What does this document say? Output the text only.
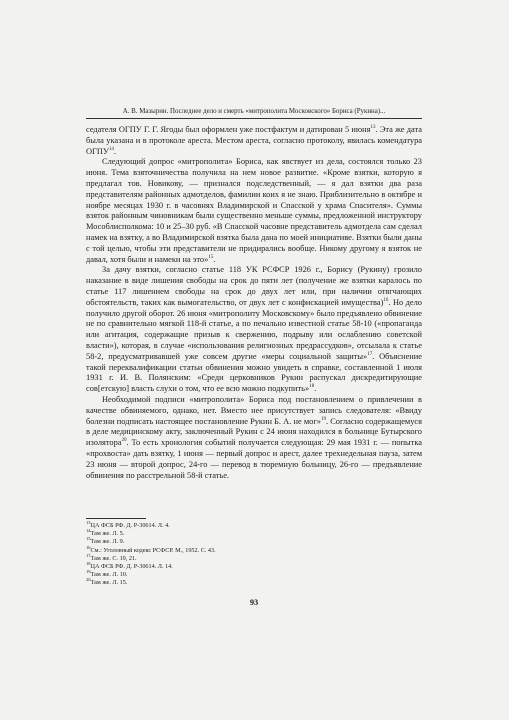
А. В. Мазырин. Последнее дело и смерть «митрополита Московского» Бориса (Рукина)...

седателя ОГПУ Г. Г. Ягоды был оформлен уже постфактум и датирован 5 июня$^{13}$. Эта же дата была указана и в протоколе ареста. Местом ареста, согласно протоколу, явилась комендатура ОГПУ$^{14}$.

Следующий допрос «митрополита» Бориса, как явствует из дела, состоялся только 23 июня. Тема взяточничества получила на нем новое развитие. «Кроме взятки, которую я предлагал тов. Новикову, — признался подследственный, — я дал взятки два раза представителям районных адмотделов, фамилии коих я не знаю. Приблизительно в октябре и ноябре месяцах 1930 г. в часовнях Владимирской и Спасской у храма Спасителя». Суммы взяток районным чиновникам были существенно меньше суммы, предложенной инструктору Мособлисполкома: 10 и 25–30 руб. «В Спасской часовне представитель адмотдела сам сделал намек на взятку, а во Владимирской взятка была дана по моей инициативе. Взятки были даны с той целью, чтобы эти представители не придирались вообще. Никому другому я взяток не давал, хотя были и намеки на это»$^{15}$.

За дачу взятки, согласно статье 118 УК РСФСР 1926 г., Борису (Рукину) грозило наказание в виде лишения свободы на срок до пяти лет (получение же взятки каралось по статье 117 лишением свободы на срок до двух лет или, при наличии отягчающих обстоятельств, таких как вымогательство, от двух лет с конфискацией имущества)$^{16}$. Но дело получило другой оборот. 26 июня «митрополиту Московскому» было предъявлено обвинение не по сравнительно мягкой 118-й статье, а по печально известной статье 58-10 («пропаганда или агитация, содержащие призыв к свержению, подрыву или ослаблению советской власти»), которая, в случае «использования религиозных предрассудков», отсылала к статье 58-2, предусматривавшей уже совсем другие «меры социальной защиты»$^{17}$. Объяснение такой переквалификации статьи обвинения можно увидеть в справке, составленной 1 июля 1931 г. И. В. Полянским: «Среди церковников Рукин распускал дискредитирующие сов[етскую] власть слухи о том, что ее всю можно подкупить»$^{18}$.

Необходимой подписи «митрополита» Бориса под постановлением о привлечении в качестве обвиняемого, однако, нет. Вместо нее присутствует запись следователя: «Ввиду болезни подписать настоящее постановление Рукин Б. А. не мог»$^{19}$. Согласно содержащемуся в деле медицинскому акту, заключенный Рукин с 24 июня находился в больнице Бутырского изолятора$^{20}$. То есть хронология событий получается следующая: 29 мая 1931 г. — попытка «прохвоста» дать взятку, 1 июня — первый допрос и арест, далее трехнедельная пауза, затем 23 июня — второй допрос, 24-го — перевод в тюремную больницу, 26-го — предъявление обвинения по расстрельной 58-й статье.

$^{13}$ЦА ФСБ РФ. Д. Р-30614. Л. 4.
$^{14}$Там же. Л. 5.
$^{15}$Там же. Л. 9.
$^{16}$См.: Уголовный кодекс РСФСР. М., 1952. С. 43.
$^{17}$Там же. С. 19, 21.
$^{18}$ЦА ФСБ РФ. Д. Р-30614. Л. 14.
$^{19}$Там же. Л. 10.
$^{20}$Там же. Л. 15.
93
